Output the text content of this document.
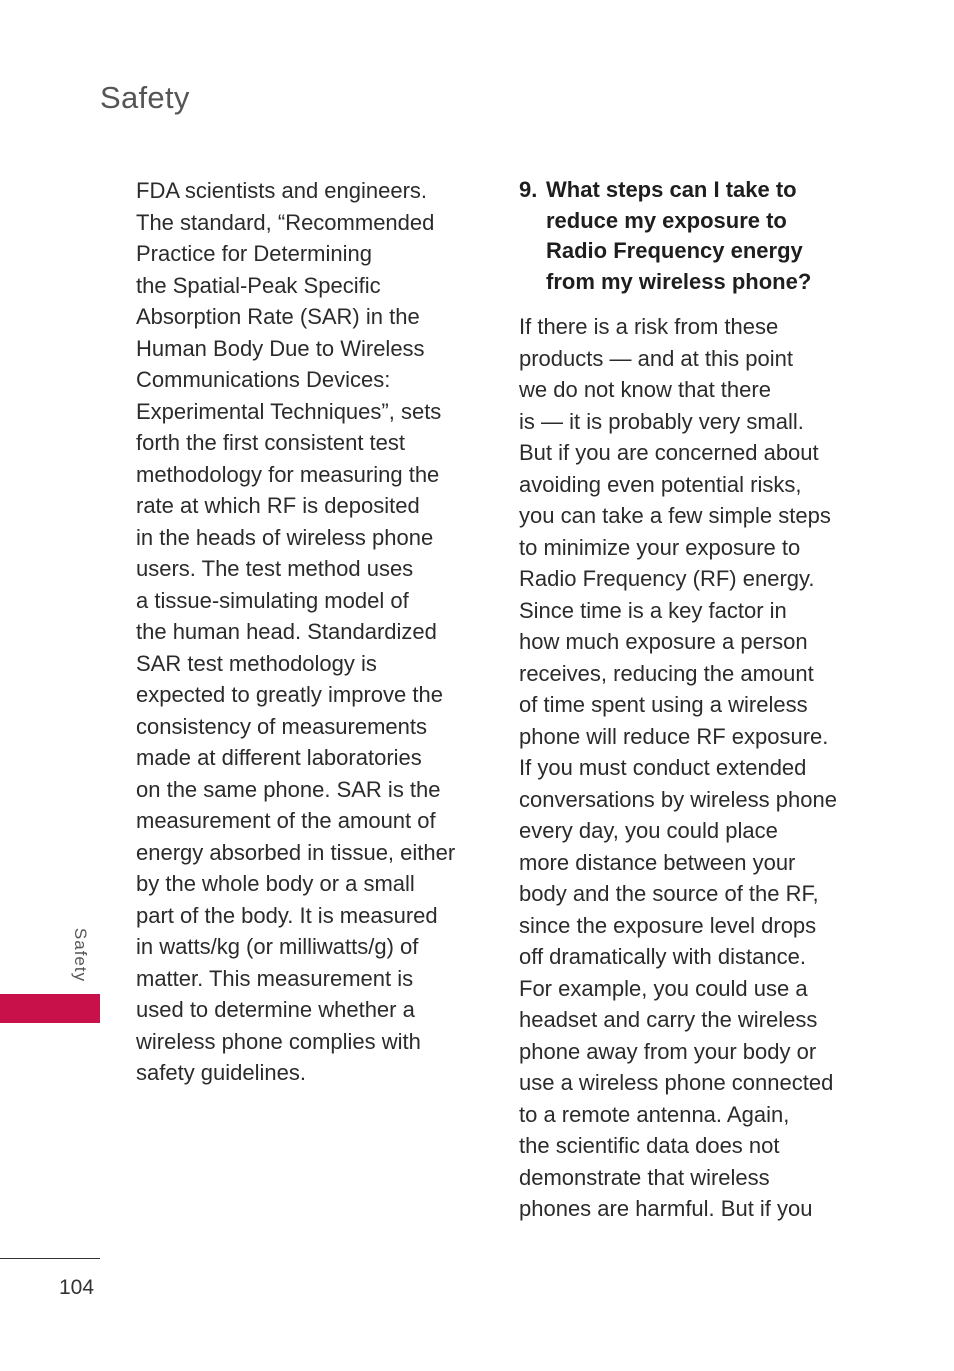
Safety
FDA scientists and engineers.
The standard, “Recommended
Practice for Determining
the Spatial-Peak Specific
Absorption Rate (SAR) in the
Human Body Due to Wireless
Communications Devices:
Experimental Techniques”, sets
forth the first consistent test
methodology for measuring the
rate at which RF is deposited
in the heads of wireless phone
users. The test method uses
a tissue-simulating model of
the human head. Standardized
SAR test methodology is
expected to greatly improve the
consistency of measurements
made at different laboratories
on the same phone. SAR is the
measurement of the amount of
energy absorbed in tissue, either
by the whole body or a small
part of the body. It is measured
in watts/kg (or milliwatts/g) of
matter. This measurement is
used to determine whether a
wireless phone complies with
safety guidelines.
9. What steps can I take to
reduce my exposure to
Radio Frequency energy
from my wireless phone?
If there is a risk from these
products — and at this point
we do not know that there
is — it is probably very small.
But if you are concerned about
avoiding even potential risks,
you can take a few simple steps
to minimize your exposure to
Radio Frequency (RF) energy.
Since time is a key factor in
how much exposure a person
receives, reducing the amount
of time spent using a wireless
phone will reduce RF exposure.
If you must conduct extended
conversations by wireless phone
every day, you could place
more distance between your
body and the source of the RF,
since the exposure level drops
off dramatically with distance.
For example, you could use a
headset and carry the wireless
phone away from your body or
use a wireless phone connected
to a remote antenna. Again,
the scientific data does not
demonstrate that wireless
phones are harmful. But if you
Safety
104
